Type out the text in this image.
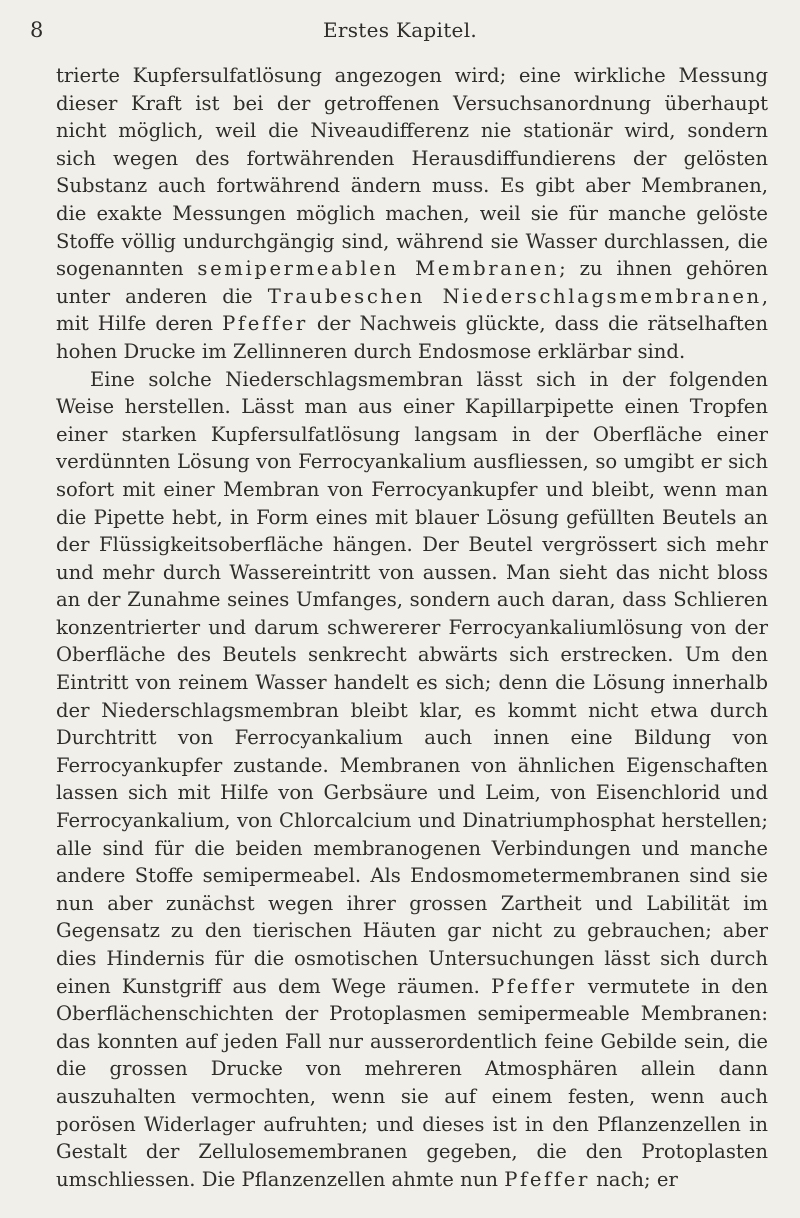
8	Erstes Kapitel.

trierte Kupfersulfatlösung angezogen wird; eine wirkliche Messung dieser Kraft ist bei der getroffenen Versuchsanordnung überhaupt nicht möglich, weil die Niveaudifferenz nie stationär wird, sondern sich wegen des fortwährenden Herausdiffundierens der gelösten Substanz auch fortwährend ändern muss. Es gibt aber Membranen, die exakte Messungen möglich machen, weil sie für manche gelöste Stoffe völlig undurchgängig sind, während sie Wasser durchlassen, die sogenannten semipermeablen Membranen; zu ihnen gehören unter anderen die Traubeschen Niederschlagsmembranen, mit Hilfe deren Pfeffer der Nachweis glückte, dass die rätselhaften hohen Drucke im Zellinneren durch Endosmose erklärbar sind.

Eine solche Niederschlagsmembran lässt sich in der folgenden Weise herstellen. Lässt man aus einer Kapillarpipette einen Tropfen einer starken Kupfersulfatlösung langsam in der Oberfläche einer verdünnten Lösung von Ferrocyankalium ausfliessen, so umgibt er sich sofort mit einer Membran von Ferrocyankupfer und bleibt, wenn man die Pipette hebt, in Form eines mit blauer Lösung gefüllten Beutels an der Flüssigkeitsoberfläche hängen. Der Beutel vergrössert sich mehr und mehr durch Wassereintritt von aussen. Man sieht das nicht bloss an der Zunahme seines Umfanges, sondern auch daran, dass Schlieren konzentrierter und darum schwererer Ferrocyankaliumlösung von der Oberfläche des Beutels senkrecht abwärts sich erstrecken. Um den Eintritt von reinem Wasser handelt es sich; denn die Lösung innerhalb der Niederschlagsmembran bleibt klar, es kommt nicht etwa durch Durchtritt von Ferrocyankalium auch innen eine Bildung von Ferrocyankupfer zustande. Membranen von ähnlichen Eigenschaften lassen sich mit Hilfe von Gerbsäure und Leim, von Eisenchlorid und Ferrocyankalium, von Chlorcalcium und Dinatriumphosphat herstellen; alle sind für die beiden membranogenen Verbindungen und manche andere Stoffe semipermeabel. Als Endosmometermembranen sind sie nun aber zunächst wegen ihrer grossen Zartheit und Labilität im Gegensatz zu den tierischen Häuten gar nicht zu gebrauchen; aber dies Hindernis für die osmotischen Untersuchungen lässt sich durch einen Kunstgriff aus dem Wege räumen. Pfeffer vermutete in den Oberflächenschichten der Protoplasmen semipermeable Membranen: das konnten auf jeden Fall nur ausserordentlich feine Gebilde sein, die die grossen Drucke von mehreren Atmosphären allein dann auszuhalten vermochten, wenn sie auf einem festen, wenn auch porösen Widerlager aufruhten; und dieses ist in den Pflanzenzellen in Gestalt der Zellulosemembranen gegeben, die den Protoplasten umschliessen. Die Pflanzenzellen ahmte nun Pfeffer nach; er
